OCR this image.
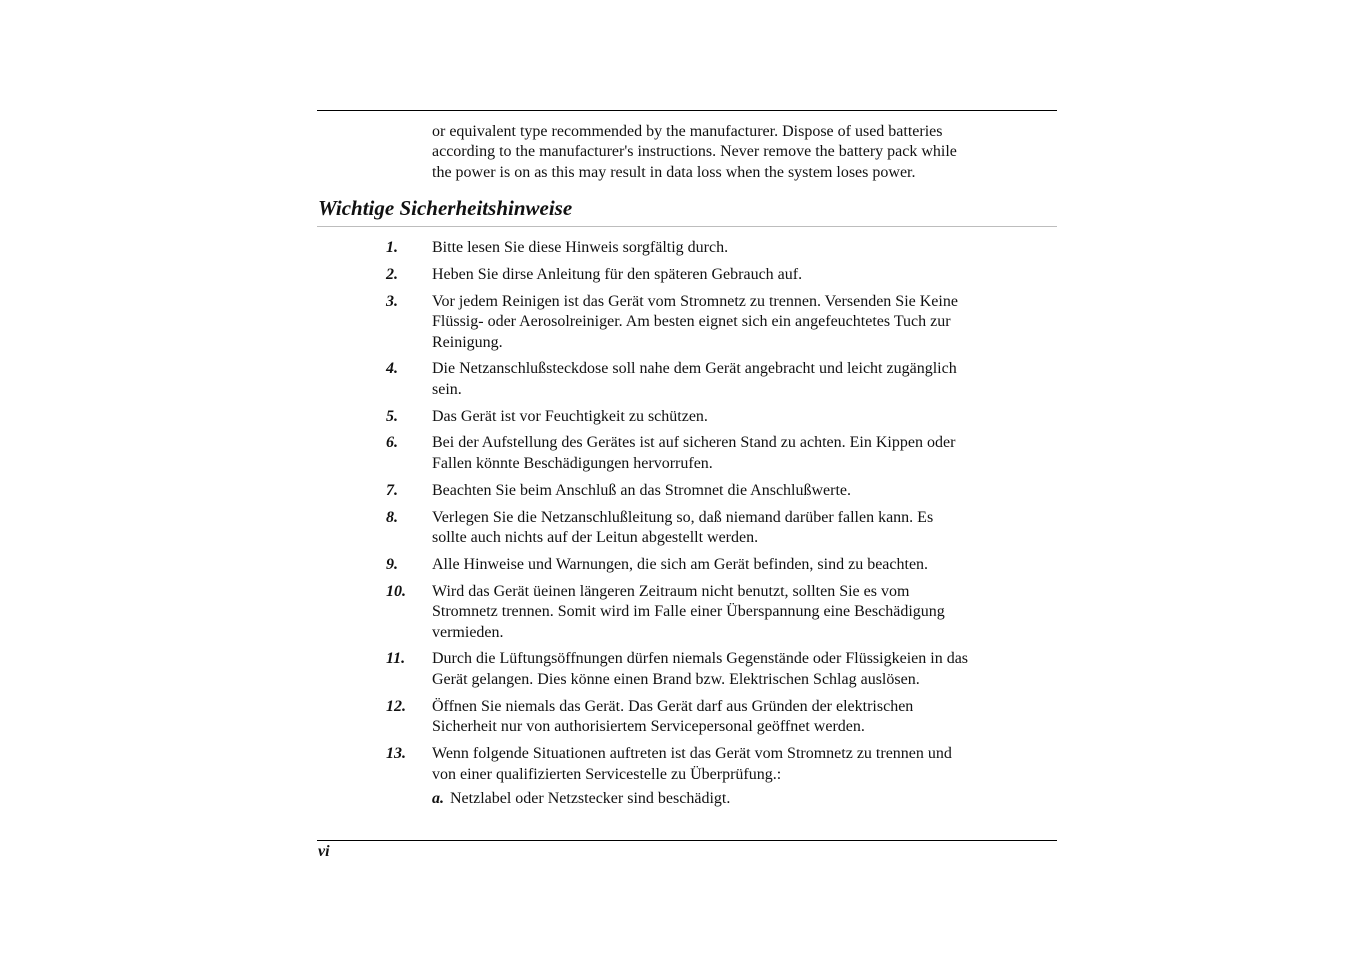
or equivalent type recommended by the manufacturer. Dispose of used batteries
according to the manufacturer's instructions. Never remove the battery pack while
the power is on as this may result in data loss when the system loses power.
Wichtige Sicherheitshinweise
1. Bitte lesen Sie diese Hinweis sorgfältig durch.
2. Heben Sie dirse Anleitung für den späteren Gebrauch auf.
3. Vor jedem Reinigen ist das Gerät vom Stromnetz zu trennen. Versenden Sie Keine
Flüssig- oder Aerosolreiniger. Am besten eignet sich ein angefeuchtetes Tuch zur
Reinigung.
4. Die Netzanschlußsteckdose soll nahe dem Gerät angebracht und leicht zugänglich
sein.
5. Das Gerät ist vor Feuchtigkeit zu schützen.
6. Bei der Aufstellung des Gerätes ist auf sicheren Stand zu achten. Ein Kippen oder
Fallen könnte Beschädigungen hervorrufen.
7. Beachten Sie beim Anschluß an das Stromnet die Anschlußwerte.
8. Verlegen Sie die Netzanschlußleitung so, daß niemand darüber fallen kann. Es
sollte auch nichts auf der Leitun abgestellt werden.
9. Alle Hinweise und Warnungen, die sich am Gerät befinden, sind zu beachten.
10. Wird das Gerät üeinen längeren Zeitraum nicht benutzt, sollten Sie es vom
Stromnetz trennen. Somit wird im Falle einer Überspannung eine Beschädigung
vermieden.
11. Durch die Lüftungsöffnungen dürfen niemals Gegenstände oder Flüssigkeien in das
Gerät gelangen. Dies könne einen Brand bzw. Elektrischen Schlag auslösen.
12. Öffnen Sie niemals das Gerät. Das Gerät darf aus Gründen der elektrischen
Sicherheit nur von authorisiertem Servicepersonal geöffnet werden.
13. Wenn folgende Situationen auftreten ist das Gerät vom Stromnetz zu trennen und
von einer qualifizierten Servicestelle zu Überprüfung.:
a. Netzlabel oder Netzstecker sind beschädigt.
vi
